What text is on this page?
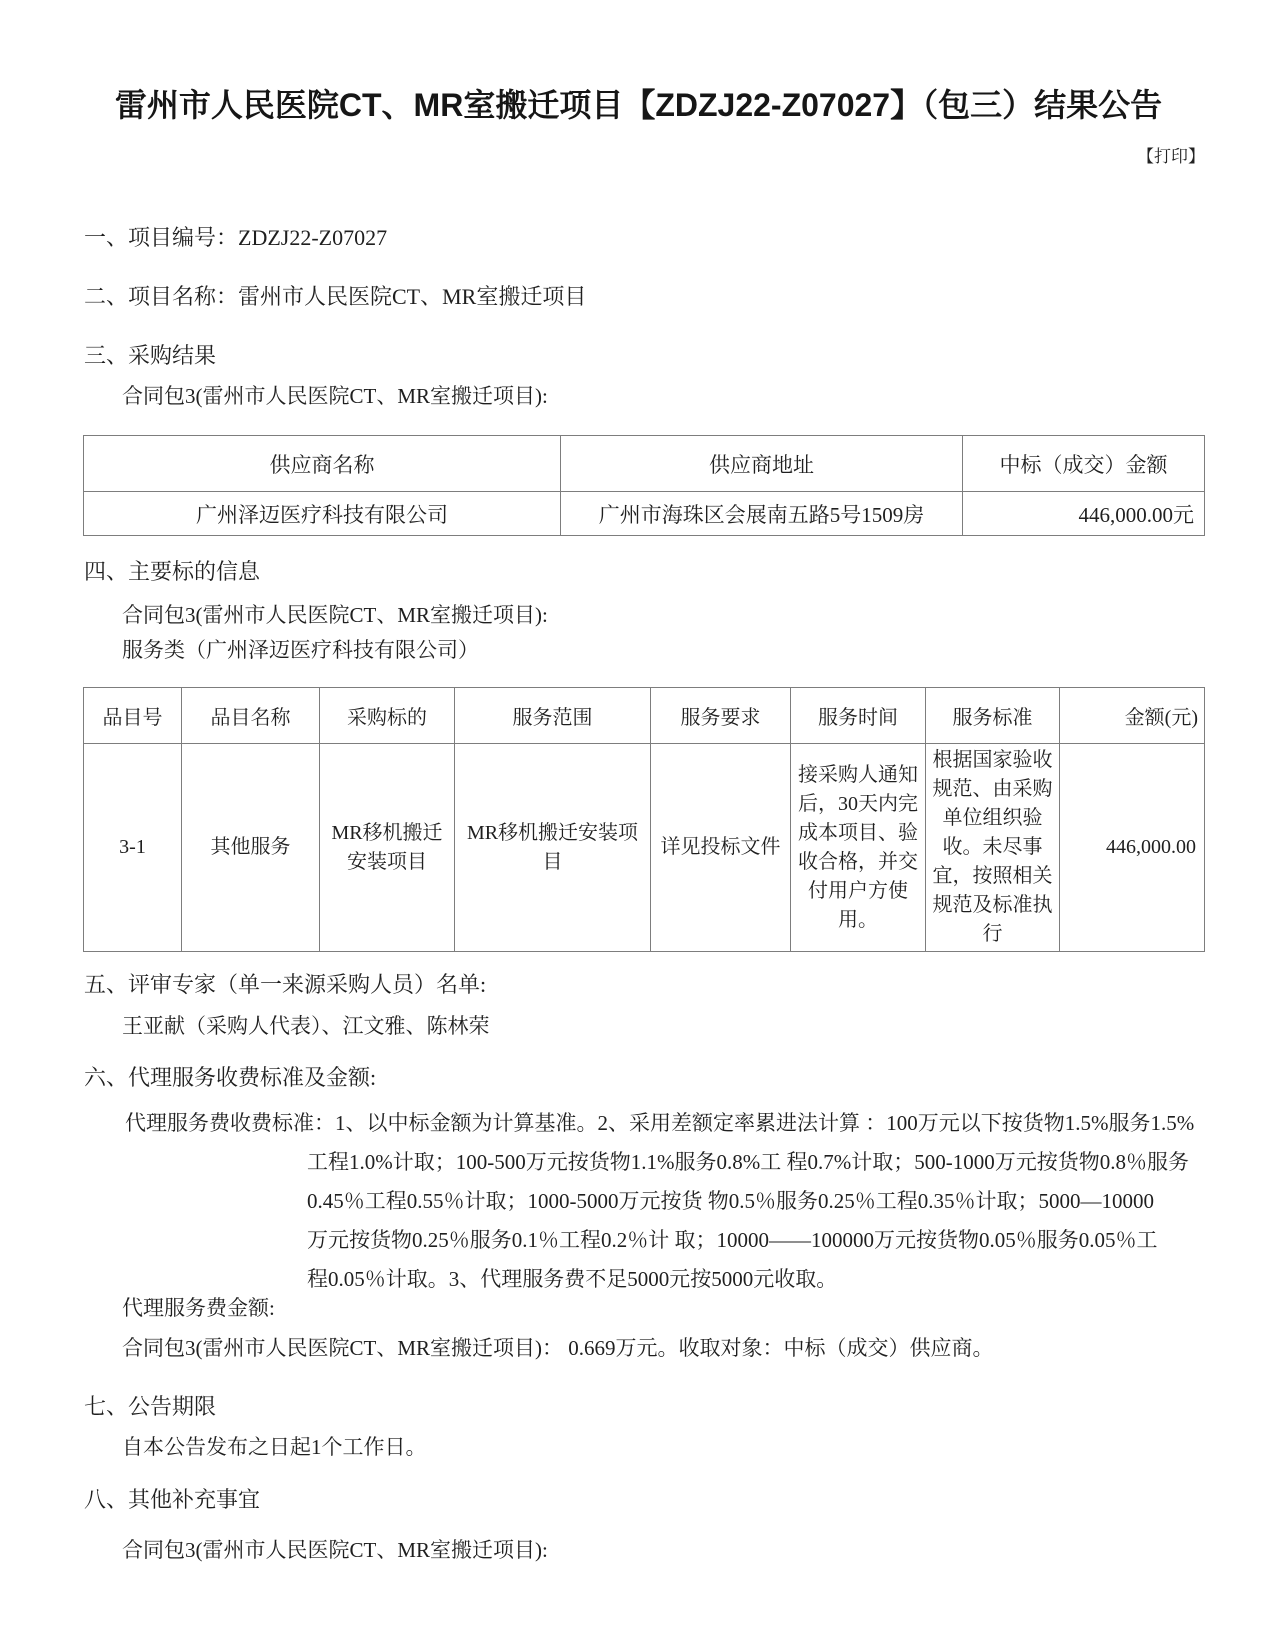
雷州市人民医院CT、MR室搬迁项目【ZDZJ22-Z07027】（包三）结果公告
【打印】
一、项目编号：ZDZJ22-Z07027
二、项目名称：雷州市人民医院CT、MR室搬迁项目
三、采购结果
合同包3(雷州市人民医院CT、MR室搬迁项目):
供应商名称	供应商地址	中标（成交）金额
广州泽迈医疗科技有限公司	广州市海珠区会展南五路5号1509房	446,000.00元
四、主要标的信息
合同包3(雷州市人民医院CT、MR室搬迁项目):
服务类（广州泽迈医疗科技有限公司）
品目号	品目名称	采购标的	服务范围	服务要求	服务时间	服务标准	金额(元)
3-1	其他服务	MR移机搬迁安装项目	MR移机搬迁安装项目	详见投标文件	接采购人通知后，30天内完成本项目、验收合格，并交付用户方使用。	根据国家验收规范、由采购单位组织验收。未尽事宜，按照相关规范及标准执行	446,000.00
五、评审专家（单一来源采购人员）名单:
王亚献（采购人代表）、江文雅、陈林荣
六、代理服务收费标准及金额:
代理服务费收费标准：1、以中标金额为计算基准。2、采用差额定率累进法计算 ：100万元以下按货物1.5%服务1.5%
工程1.0%计取；100-500万元按货物1.1%服务0.8%工 程0.7%计取；500-1000万元按货物0.8％服务
0.45％工程0.55％计取；1000-5000万元按货 物0.5％服务0.25％工程0.35％计取；5000—10000
万元按货物0.25％服务0.1％工程0.2％计 取；10000——100000万元按货物0.05％服务0.05％工
程0.05％计取。3、代理服务费不足5000元按5000元收取。
代理服务费金额:
合同包3(雷州市人民医院CT、MR室搬迁项目)： 0.669万元。收取对象：中标（成交）供应商。
七、公告期限
自本公告发布之日起1个工作日。
八、其他补充事宜
合同包3(雷州市人民医院CT、MR室搬迁项目):
